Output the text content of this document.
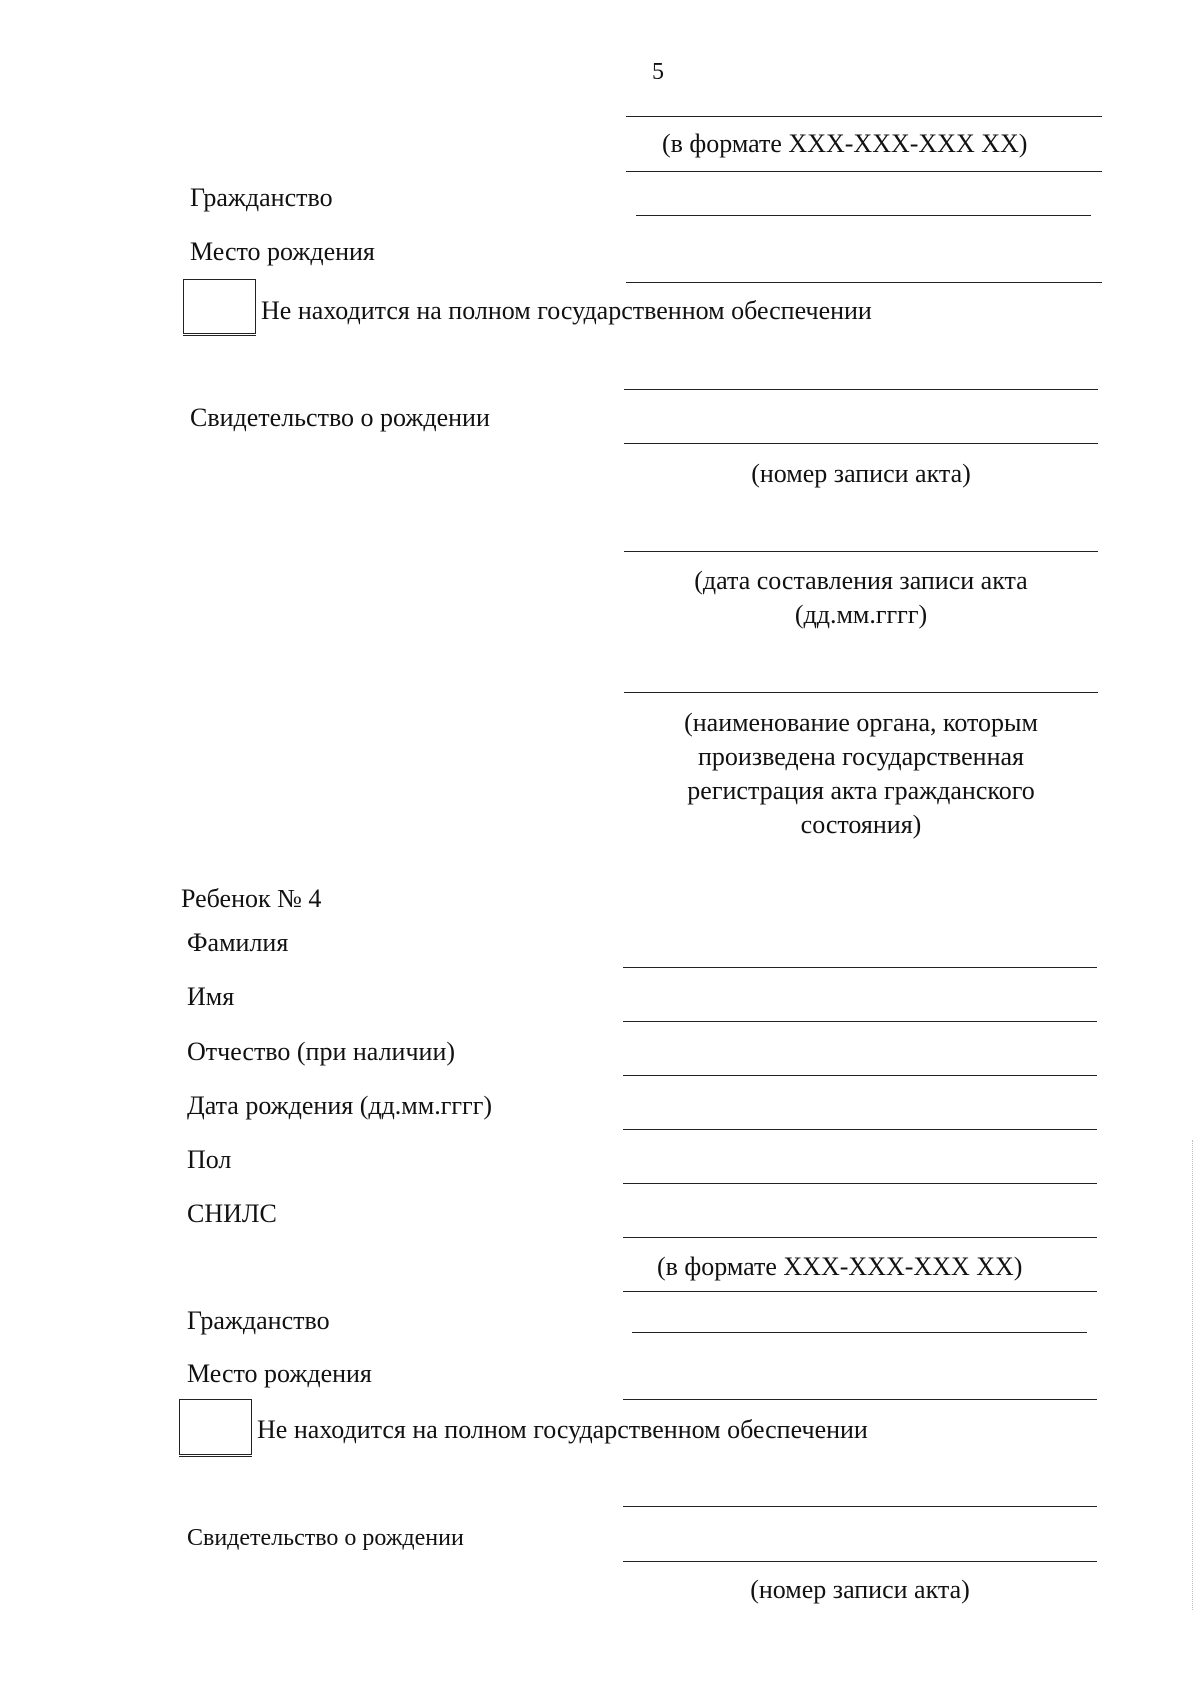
5
(в формате XXX-XXX-XXX XX)
Гражданство
Место рождения
Не находится на полном государственном обеспечении
Свидетельство о рождении
(номер записи акта)
(дата составления записи акта
(дд.мм.гггг)
(наименование органа, которым
произведена государственная
регистрация акта гражданского
состояния)
Ребенок № 4
Фамилия
Имя
Отчество (при наличии)
Дата рождения (дд.мм.гггг)
Пол
СНИЛС
(в формате XXX-XXX-XXX XX)
Гражданство
Место рождения
Не находится на полном государственном обеспечении
Свидетельство о рождении
(номер записи акта)
